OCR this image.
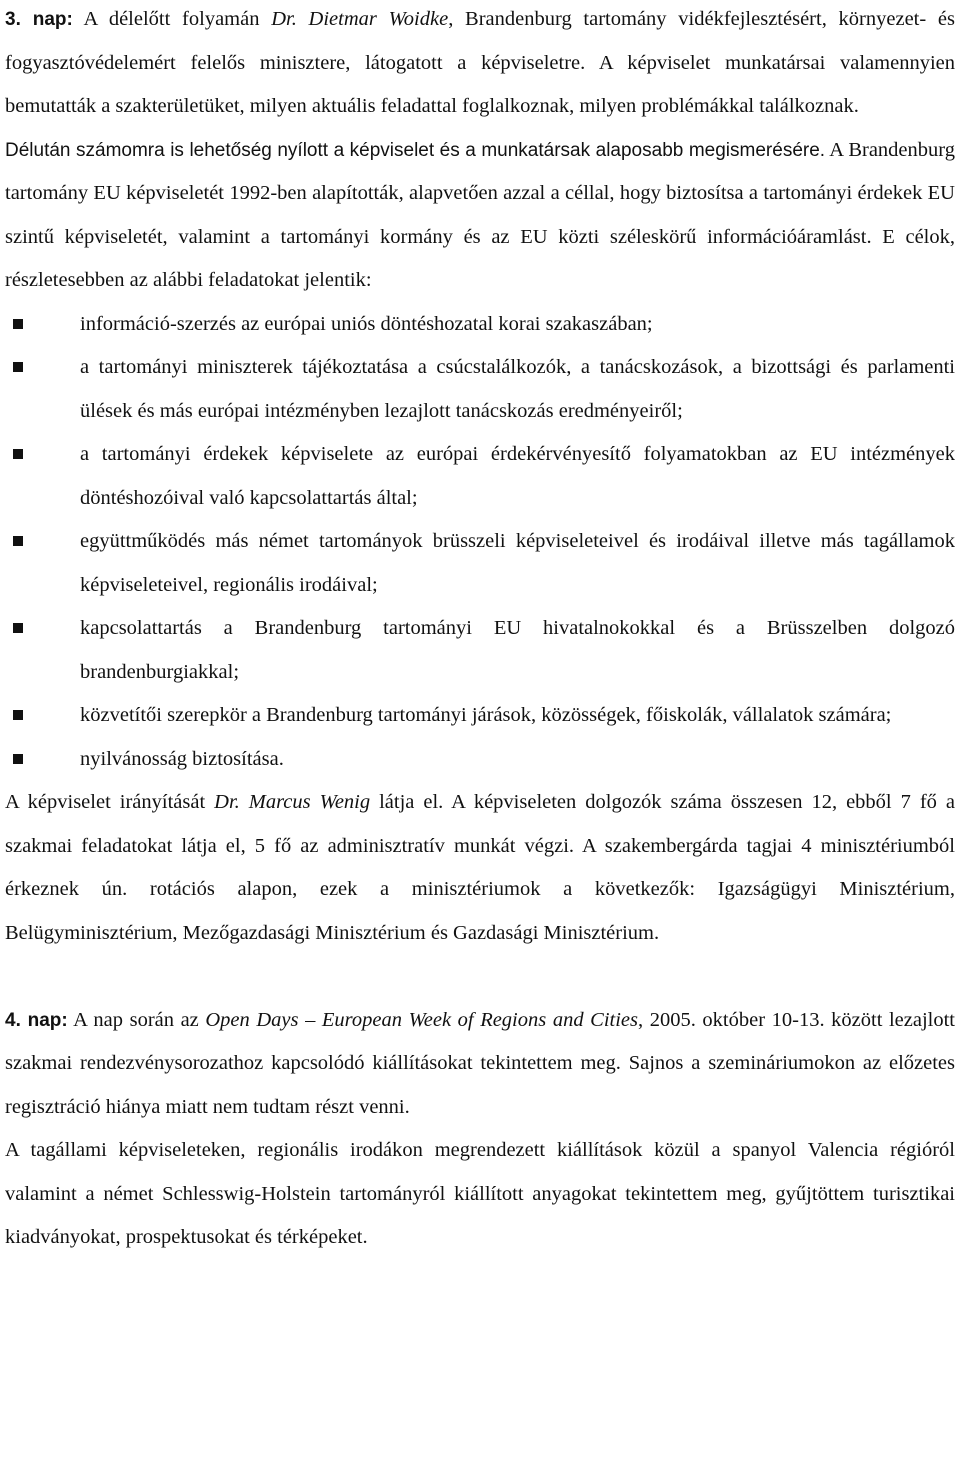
3. nap: A délelőtt folyamán Dr. Dietmar Woidke, Brandenburg tartomány vidékfejlesztésért, környezet- és fogyasztóvédelemért felelős minisztere, látogatott a képviseletre. A képviselet munkatársai valamennyien bemutatták a szakterületüket, milyen aktuális feladattal foglalkoznak, milyen problémákkal találkoznak.

Délután számomra is lehetőség nyílott a képviselet és a munkatársak alaposabb megismerésére. A Brandenburg tartomány EU képviseletét 1992-ben alapították, alapvetően azzal a céllal, hogy biztosítsa a tartományi érdekek EU szintű képviseletét, valamint a tartományi kormány és az EU közti széleskörű információáramlást. E célok, részletesebben az alábbi feladatokat jelentik:

információ-szerzés az európai uniós döntéshozatal korai szakaszában;
a tartományi miniszterek tájékoztatása a csúcstalálkozók, a tanácskozások, a bizottsági és parlamenti ülések és más európai intézményben lezajlott tanácskozás eredményeiről;
a tartományi érdekek képviselete az európai érdekérvényesítő folyamatokban az EU intézmények döntéshozóival való kapcsolattartás által;
együttműködés más német tartományok brüsszeli képviseleteivel és irodáival illetve más tagállamok képviseleteivel, regionális irodáival;
kapcsolattartás a Brandenburg tartományi EU hivatalnokokkal és a Brüsszelben dolgozó brandenburgiakkal;
közvetítői szerepkör a Brandenburg tartományi járások, közösségek, főiskolák, vállalatok számára;
nyilvánosság biztosítása.

A képviselet irányítását Dr. Marcus Wenig látja el. A képviseleten dolgozók száma összesen 12, ebből 7 fő a szakmai feladatokat látja el, 5 fő az adminisztratív munkát végzi. A szakembergárda tagjai 4 minisztériumból érkeznek ún. rotációs alapon, ezek a minisztériumok a következők: Igazságügyi Minisztérium, Belügyminisztérium, Mezőgazdasági Minisztérium és Gazdasági Minisztérium.

4. nap: A nap során az Open Days – European Week of Regions and Cities, 2005. október 10-13. között lezajlott szakmai rendezvénysorozathoz kapcsolódó kiállításokat tekintettem meg. Sajnos a szemináriumokon az előzetes regisztráció hiánya miatt nem tudtam részt venni.

A tagállami képviseleteken, regionális irodákon megrendezett kiállítások közül a spanyol Valencia régióról valamint a német Schlesswig-Holstein tartományról kiállított anyagokat tekintettem meg, gyűjtöttem turisztikai kiadványokat, prospektusokat és térképeket.
